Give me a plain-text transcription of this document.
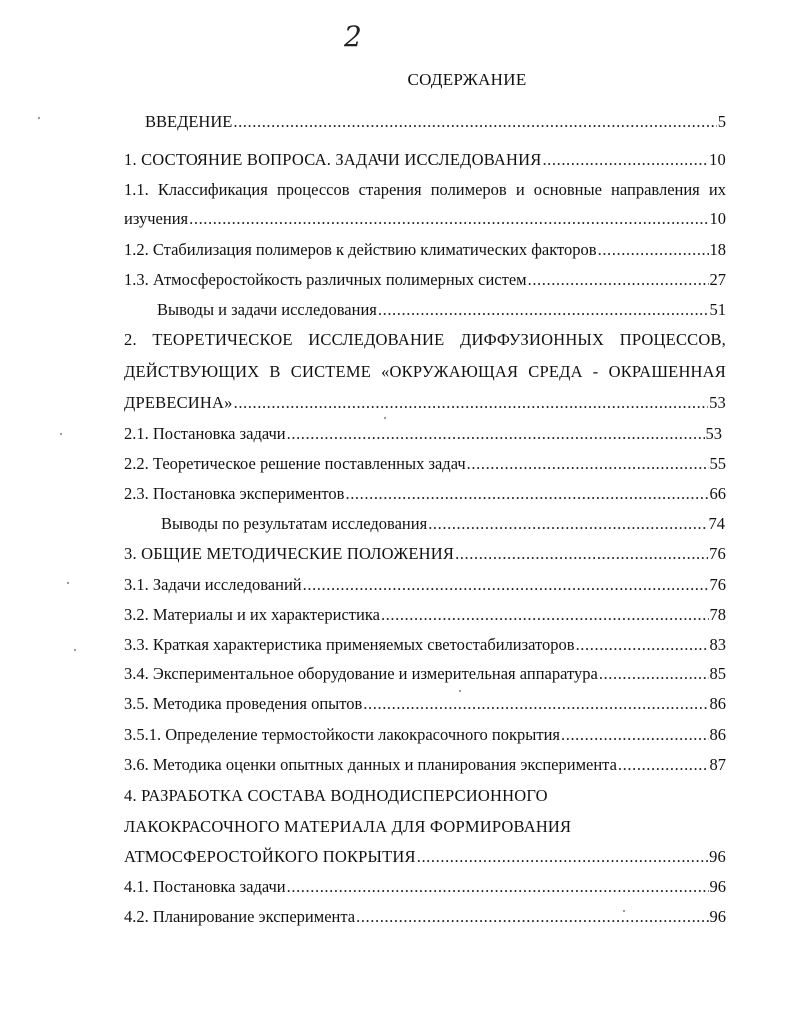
2
СОДЕРЖАНИЕ
ВВЕДЕНИЕ .....	5
1. СОСТОЯНИЕ ВОПРОСА. ЗАДАЧИ ИССЛЕДОВАНИЯ .....	10
1.1. Классификация процессов старения полимеров и основные направления их
изучения .....	10
1.2. Стабилизация полимеров к действию климатических факторов .....	18
1.3. Атмосферостойкость различных полимерных систем .....	27
Выводы и задачи исследования .....	51
2. ТЕОРЕТИЧЕСКОЕ ИССЛЕДОВАНИЕ ДИФФУЗИОННЫХ ПРОЦЕССОВ,
ДЕЙСТВУЮЩИХ В СИСТЕМЕ «ОКРУЖАЮЩАЯ СРЕДА - ОКРАШЕННАЯ
ДРЕВЕСИНА» .....	53
2.1. Постановка задачи .....	53
2.2. Теоретическое решение поставленных задач .....	55
2.3. Постановка экспериментов .....	66
Выводы по результатам исследования .....	74
3. ОБЩИЕ МЕТОДИЧЕСКИЕ ПОЛОЖЕНИЯ .....	76
3.1. Задачи исследований .....	76
3.2. Материалы и их характеристика .....	78
3.3. Краткая характеристика применяемых светостабилизаторов .....	83
3.4. Экспериментальное оборудование и измерительная аппаратура .....	85
3.5. Методика проведения опытов .....	86
3.5.1. Определение термостойкости лакокрасочного покрытия .....	86
3.6. Методика оценки опытных данных и планирования эксперимента .....	87
4. РАЗРАБОТКА СОСТАВА ВОДНОДИСПЕРСИОННОГО
ЛАКОКРАСОЧНОГО МАТЕРИАЛА ДЛЯ ФОРМИРОВАНИЯ
АТМОСФЕРОСТОЙКОГО ПОКРЫТИЯ .....	96
4.1. Постановка задачи .....	96
4.2. Планирование эксперимента .....	96
